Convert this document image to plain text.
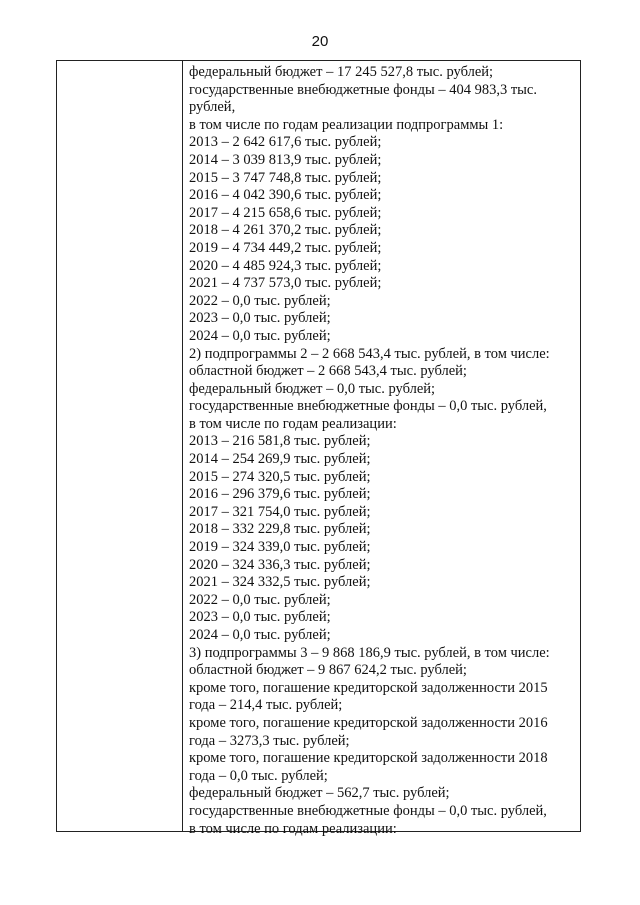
20
федеральный бюджет – 17 245 527,8 тыс. рублей;
государственные внебюджетные фонды – 404 983,3 тыс.
рублей,
в том числе по годам реализации подпрограммы 1:
2013 – 2 642 617,6 тыс. рублей;
2014 – 3 039 813,9 тыс. рублей;
2015 – 3 747 748,8 тыс. рублей;
2016 – 4 042 390,6 тыс. рублей;
2017 – 4 215 658,6 тыс. рублей;
2018 – 4 261 370,2 тыс. рублей;
2019 – 4 734 449,2 тыс. рублей;
2020 – 4 485 924,3 тыс. рублей;
2021 – 4 737 573,0 тыс. рублей;
2022 – 0,0 тыс. рублей;
2023 – 0,0 тыс. рублей;
2024 – 0,0 тыс. рублей;
2) подпрограммы 2 – 2 668 543,4 тыс. рублей, в том числе:
областной бюджет – 2 668 543,4 тыс. рублей;
федеральный бюджет – 0,0 тыс. рублей;
государственные внебюджетные фонды – 0,0 тыс. рублей,
в том числе по годам реализации:
2013 – 216 581,8 тыс. рублей;
2014 – 254 269,9 тыс. рублей;
2015 – 274 320,5 тыс. рублей;
2016 – 296 379,6 тыс. рублей;
2017 – 321 754,0 тыс. рублей;
2018 – 332 229,8 тыс. рублей;
2019 – 324 339,0 тыс. рублей;
2020 – 324 336,3 тыс. рублей;
2021 – 324 332,5 тыс. рублей;
2022 – 0,0 тыс. рублей;
2023 – 0,0 тыс. рублей;
2024 – 0,0 тыс. рублей;
3) подпрограммы 3 – 9 868 186,9 тыс. рублей, в том числе:
областной бюджет – 9 867 624,2 тыс. рублей;
кроме того, погашение кредиторской задолженности 2015
года – 214,4 тыс. рублей;
кроме того, погашение кредиторской задолженности 2016
года – 3273,3 тыс. рублей;
кроме того, погашение кредиторской задолженности 2018
года – 0,0 тыс. рублей;
федеральный бюджет – 562,7 тыс. рублей;
государственные внебюджетные фонды – 0,0 тыс. рублей,
в том числе по годам реализации:
